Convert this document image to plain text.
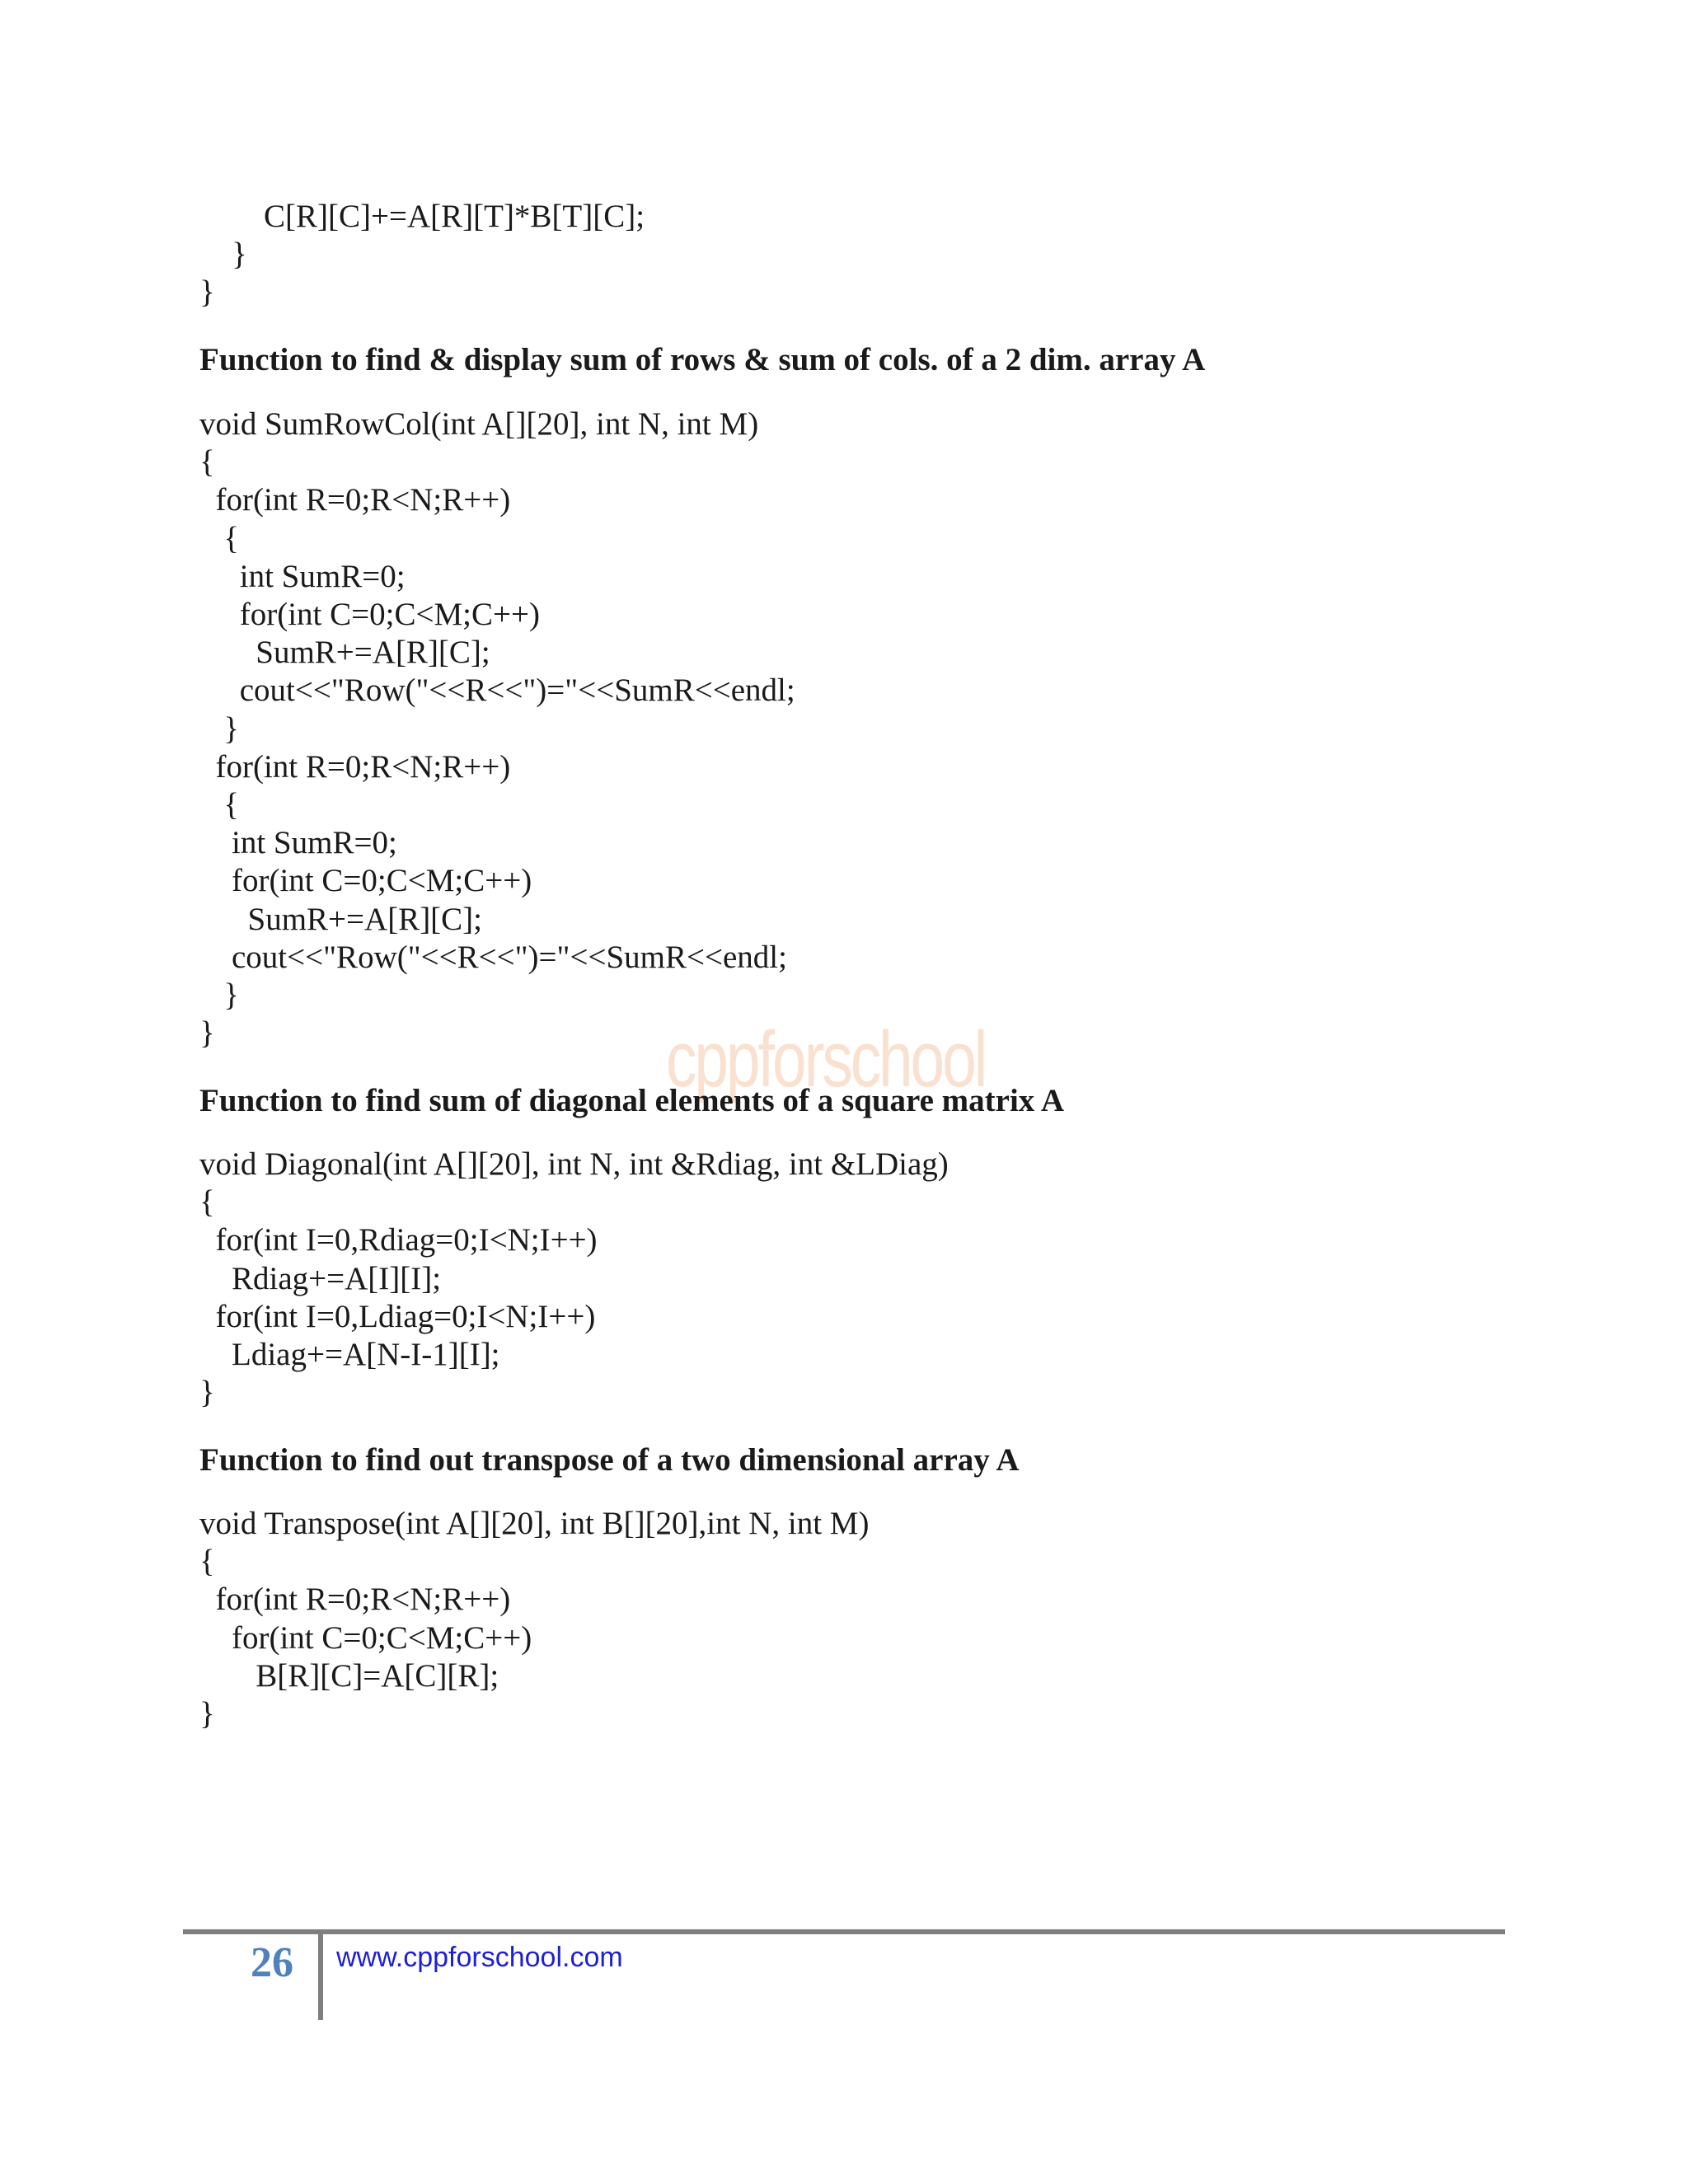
C[R][C]+=A[R][T]*B[T][C];
}
}
Function to find & display sum of rows & sum of cols. of a 2 dim. array A
void SumRowCol(int A[][20], int N, int M)
{
for(int R=0;R<N;R++)
{
int SumR=0;
for(int C=0;C<M;C++)
SumR+=A[R][C];
cout<<"Row("<<R<<")="<<SumR<<endl;
}
for(int R=0;R<N;R++)
{
int SumR=0;
for(int C=0;C<M;C++)
SumR+=A[R][C];
cout<<"Row("<<R<<")="<<SumR<<endl;
}
}	cppforschool
Function to find sum of diagonal elements of a square matrix A
void Diagonal(int A[][20], int N, int &Rdiag, int &LDiag)
{
for(int I=0,Rdiag=0;I<N;I++)
Rdiag+=A[I][I];
for(int I=0,Ldiag=0;I<N;I++)
Ldiag+=A[N-I-1][I];
}
Function to find out transpose of a two dimensional array A
void Transpose(int A[][20], int B[][20],int N, int M)
{
for(int R=0;R<N;R++)
for(int C=0;C<M;C++)
B[R][C]=A[C][R];
}
26 www.cppforschool.com
